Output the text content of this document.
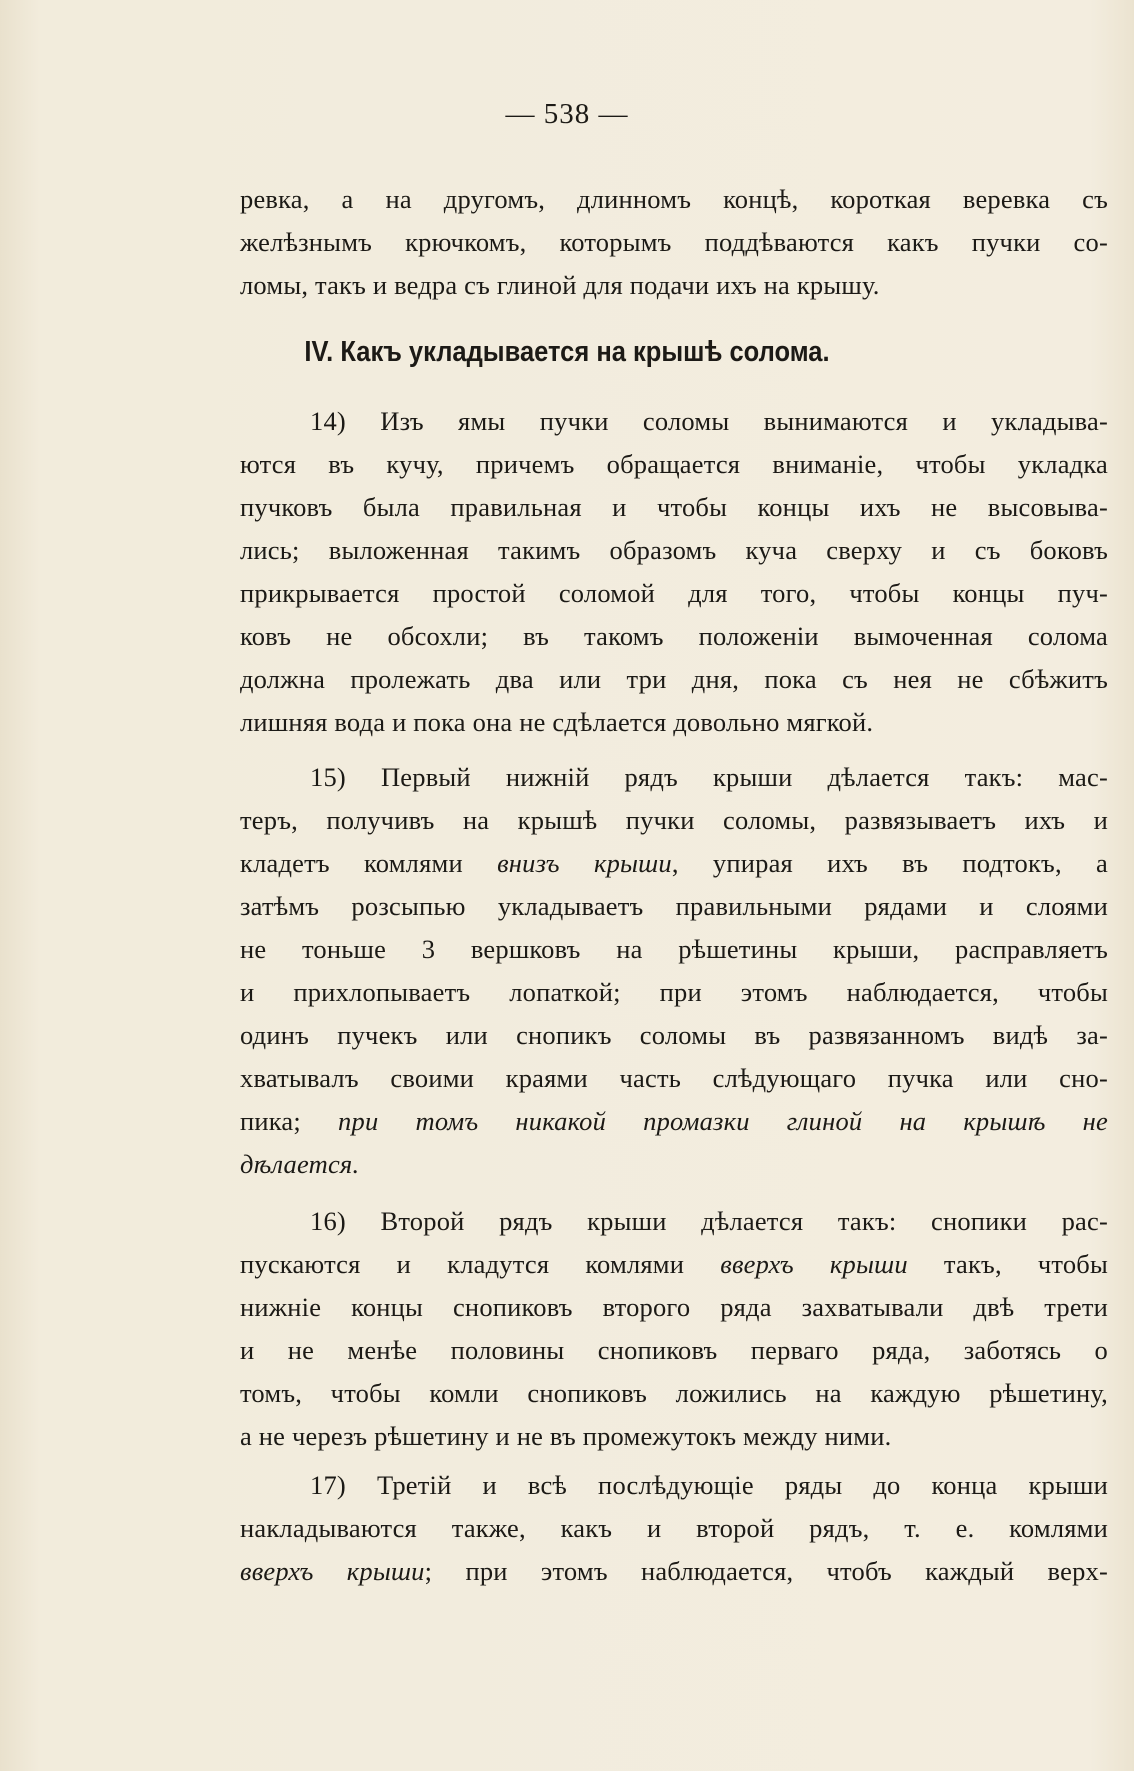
— 538 —
ревка, а на другомъ, длинномъ концѣ, короткая веревка съ
желѣзнымъ крючкомъ, которымъ поддѣваются какъ пучки со-
ломы, такъ и ведра съ глиной для подачи ихъ на крышу.
IV. Какъ укладывается на крышѣ солома.
14) Изъ ямы пучки соломы вынимаются и укладыва-
ются въ кучу, причемъ обращается вниманіе, чтобы укладка
пучковъ была правильная и чтобы концы ихъ не высовыва-
лись; выложенная такимъ образомъ куча сверху и съ боковъ
прикрывается простой соломой для того, чтобы концы пуч-
ковъ не обсохли; въ такомъ положеніи вымоченная солома
должна пролежать два или три дня, пока съ нея не сбѣжитъ
лишняя вода и пока она не сдѣлается довольно мягкой.
15) Первый нижній рядъ крыши дѣлается такъ: мас-
теръ, получивъ на крышѣ пучки соломы, развязываетъ ихъ и
кладетъ комлями внизъ крыши, упирая ихъ въ подтокъ, а
затѣмъ розсыпью укладываетъ правильными рядами и слоями
не тоньше 3 вершковъ на рѣшетины крыши, расправляетъ
и прихлопываетъ лопаткой; при этомъ наблюдается, чтобы
одинъ пучекъ или снопикъ соломы въ развязанномъ видѣ за-
хватывалъ своими краями часть слѣдующаго пучка или сно-
пика; при томъ никакой промазки глиной на крышѣ не
дѣлается.
16) Второй рядъ крыши дѣлается такъ: снопики рас-
пускаются и кладутся комлями вверхъ крыши такъ, чтобы
нижніе концы снопиковъ второго ряда захватывали двѣ трети
и не менѣе половины снопиковъ перваго ряда, заботясь о
томъ, чтобы комли снопиковъ ложились на каждую рѣшетину,
а не черезъ рѣшетину и не въ промежутокъ между ними.
17) Третій и всѣ послѣдующіе ряды до конца крыши
накладываются также, какъ и второй рядъ, т. е. комлями
вверхъ крыши; при этомъ наблюдается, чтобъ каждый верх-
